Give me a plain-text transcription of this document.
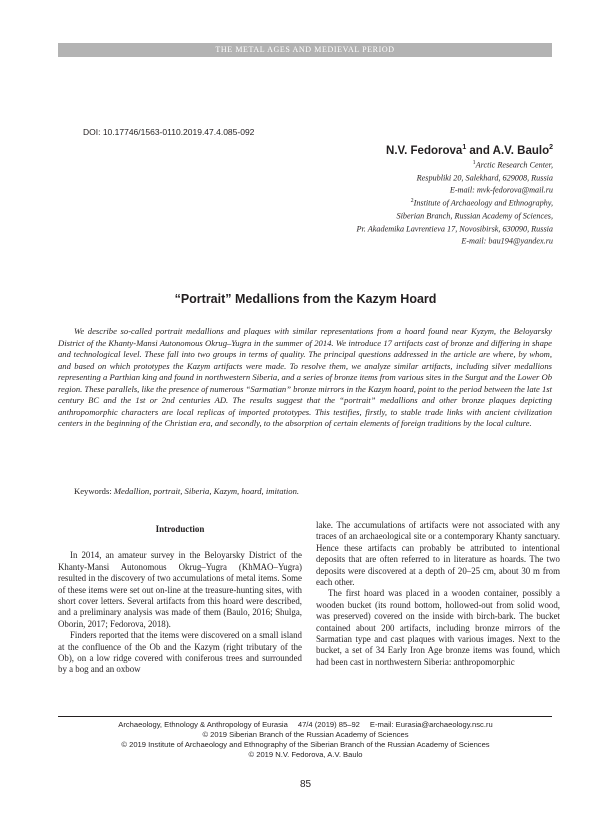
THE METAL AGES AND MEDIEVAL PERIOD
DOI: 10.17746/1563-0110.2019.47.4.085-092
N.V. Fedorova$^1$ and A.V. Baulo$^2$
$^1$Arctic Research Center,
Respubliki 20, Salekhard, 629008, Russia
E-mail: mvk-fedorova@mail.ru
$^2$Institute of Archaeology and Ethnography,
Siberian Branch, Russian Academy of Sciences,
Pr. Akademika Lavrentieva 17, Novosibirsk, 630090, Russia
E-mail: bau194@yandex.ru
“Portrait” Medallions from the Kazym Hoard

We describe so-called portrait medallions and plaques with similar representations from a hoard found near Kyzym, the Beloyarsky District of the Khanty-Mansi Autonomous Okrug–Yugra in the summer of 2014. We introduce 17 artifacts cast of bronze and differing in shape and technological level. These fall into two groups in terms of quality. The principal questions addressed in the article are where, by whom, and based on which prototypes the Kazym artifacts were made. To resolve them, we analyze similar artifacts, including silver medallions representing a Parthian king and found in northwestern Siberia, and a series of bronze items from various sites in the Surgut and the Lower Ob region. These parallels, like the presence of numerous “Sarmatian” bronze mirrors in the Kazym hoard, point to the period between the late 1st century BC and the 1st or 2nd centuries AD. The results suggest that the “portrait” medallions and other bronze plaques depicting anthropomorphic characters are local replicas of imported prototypes. This testifies, firstly, to stable trade links with ancient civilization centers in the beginning of the Christian era, and secondly, to the absorption of certain elements of foreign traditions by the local culture.

Keywords: Medallion, portrait, Siberia, Kazym, hoard, imitation.
Introduction

In 2014, an amateur survey in the Beloyarsky District of the Khanty-Mansi Autonomous Okrug–Yugra (KhMAO–Yugra) resulted in the discovery of two accumulations of metal items. Some of these items were set out on-line at the treasure-hunting sites, with short cover letters. Several artifacts from this hoard were described, and a preliminary analysis was made of them (Baulo, 2016; Shulga, Oborin, 2017; Fedorova, 2018).

Finders reported that the items were discovered on a small island at the confluence of the Ob and the Kazym (right tributary of the Ob), on a low ridge covered with coniferous trees and surrounded by a bog and an oxbow

lake. The accumulations of artifacts were not associated with any traces of an archaeological site or a contemporary Khanty sanctuary. Hence these artifacts can probably be attributed to intentional deposits that are often referred to in literature as hoards. The two deposits were discovered at a depth of 20–25 cm, about 30 m from each other.

The first hoard was placed in a wooden container, possibly a wooden bucket (its round bottom, hollowed-out from solid wood, was preserved) covered on the inside with birch-bark. The bucket contained about 200 artifacts, including bronze mirrors of the Sarmatian type and cast plaques with various images. Next to the bucket, a set of 34 Early Iron Age bronze items was found, which had been cast in northwestern Siberia: anthropomorphic

Archaeology, Ethnology & Anthropology of Eurasia 47/4 (2019) 85–92 E-mail: Eurasia@archaeology.nsc.ru
© 2019 Siberian Branch of the Russian Academy of Sciences
© 2019 Institute of Archaeology and Ethnography of the Siberian Branch of the Russian Academy of Sciences
© 2019 N.V. Fedorova, A.V. Baulo
85
